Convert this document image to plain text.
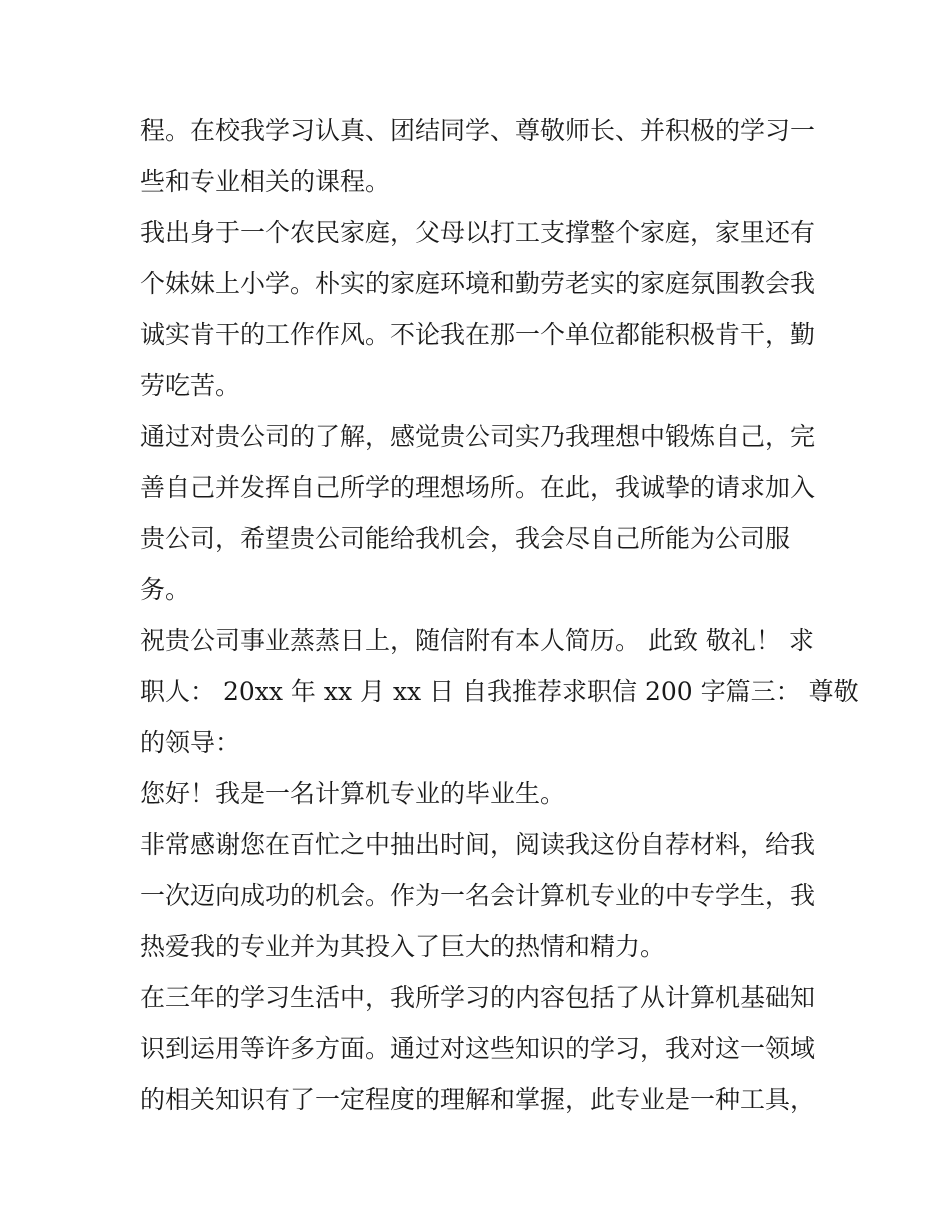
程。在校我学习认真、团结同学、尊敬师长、并积极的学习一
些和专业相关的课程。
我出身于一个农民家庭，父母以打工支撑整个家庭，家里还有
个妹妹上小学。朴实的家庭环境和勤劳老实的家庭氛围教会我
诚实肯干的工作作风。不论我在那一个单位都能积极肯干，勤
劳吃苦。
通过对贵公司的了解，感觉贵公司实乃我理想中锻炼自己，完
善自己并发挥自己所学的理想场所。在此，我诚挚的请求加入
贵公司，希望贵公司能给我机会，我会尽自己所能为公司服
务。
祝贵公司事业蒸蒸日上，随信附有本人简历。 此致 敬礼！ 求
职人： 20xx 年 xx 月 xx 日 自我推荐求职信 200 字篇三： 尊敬
的领导：
您好！我是一名计算机专业的毕业生。
非常感谢您在百忙之中抽出时间，阅读我这份自荐材料，给我
一次迈向成功的机会。作为一名会计算机专业的中专学生，我
热爱我的专业并为其投入了巨大的热情和精力。
在三年的学习生活中，我所学习的内容包括了从计算机基础知
识到运用等许多方面。通过对这些知识的学习，我对这一领域
的相关知识有了一定程度的理解和掌握，此专业是一种工具，
